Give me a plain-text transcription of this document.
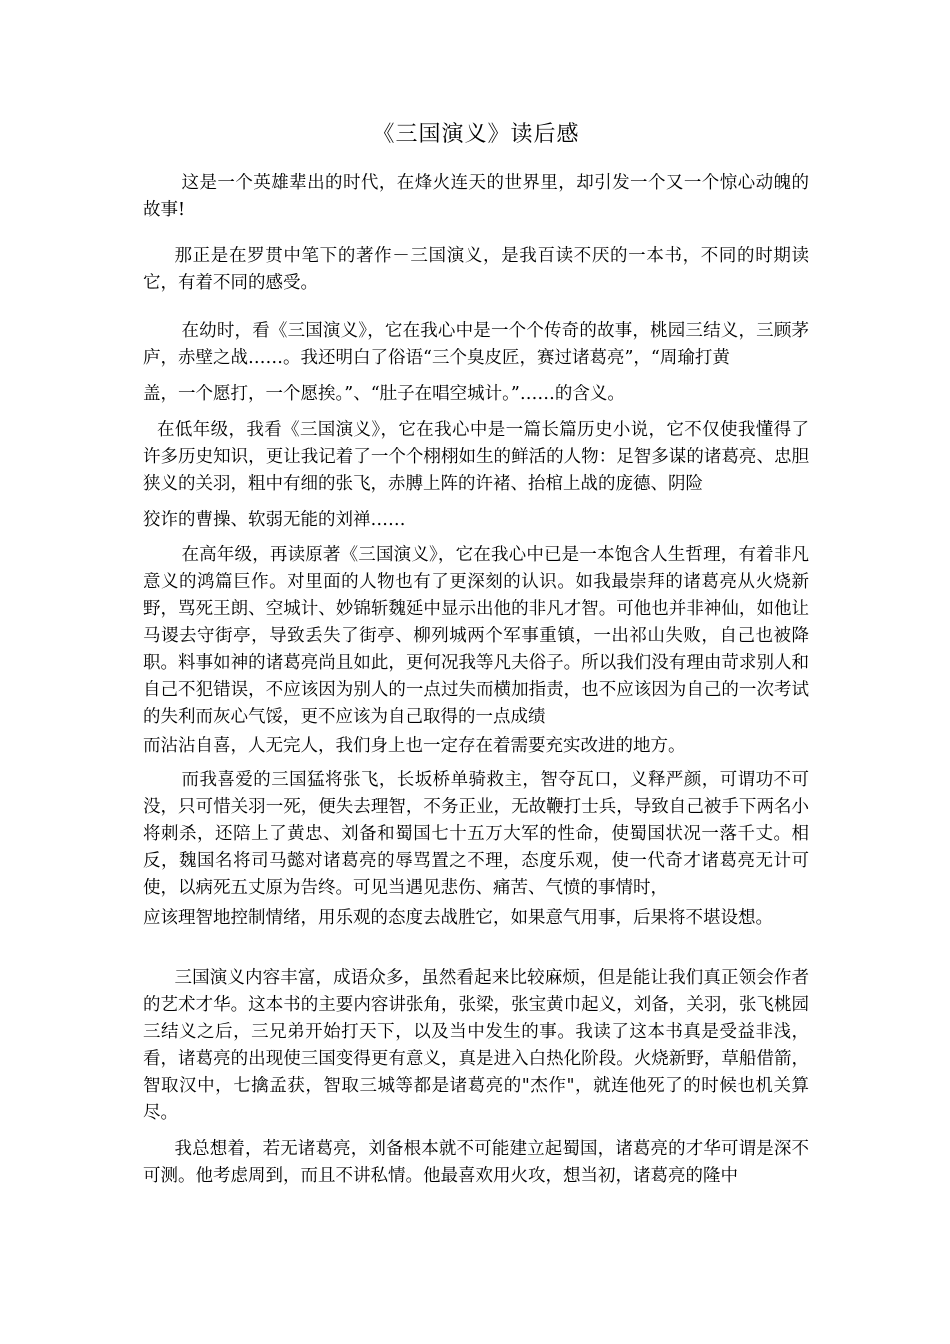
《三国演义》读后感

这是一个英雄辈出的时代，在烽火连天的世界里，却引发一个又一个惊心动魄的故事!

那正是在罗贯中笔下的著作－三国演义，是我百读不厌的一本书，不同的时期读它，有着不同的感受。

在幼时，看《三国演义》，它在我心中是一个个传奇的故事，桃园三结义，三顾茅庐，赤壁之战……。我还明白了俗语“三个臭皮匠，赛过诸葛亮”，“周瑜打黄

盖，一个愿打，一个愿挨。”、“肚子在唱空城计。”……的含义。

在低年级，我看《三国演义》，它在我心中是一篇长篇历史小说，它不仅使我懂得了许多历史知识，更让我记着了一个个栩栩如生的鲜活的人物：足智多谋的诸葛亮、忠胆狭义的关羽，粗中有细的张飞，赤膊上阵的许褚、抬棺上战的庞德、阴险

狡诈的曹操、软弱无能的刘禅……

在高年级，再读原著《三国演义》，它在我心中已是一本饱含人生哲理，有着非凡意义的鸿篇巨作。对里面的人物也有了更深刻的认识。如我最崇拜的诸葛亮从火烧新野，骂死王朗、空城计、妙锦斩魏延中显示出他的非凡才智。可他也并非神仙，如他让马谡去守街亭，导致丢失了街亭、柳列城两个军事重镇，一出祁山失败，自己也被降职。料事如神的诸葛亮尚且如此，更何况我等凡夫俗子。所以我们没有理由苛求别人和自己不犯错误，不应该因为别人的一点过失而横加指责，也不应该因为自己的一次考试的失利而灰心气馁，更不应该为自己取得的一点成绩

而沾沾自喜，人无完人，我们身上也一定存在着需要充实改进的地方。

而我喜爱的三国猛将张飞，长坂桥单骑救主，智夺瓦口，义释严颜，可谓功不可没，只可惜关羽一死，便失去理智，不务正业，无故鞭打士兵，导致自己被手下两名小将刺杀，还陪上了黄忠、刘备和蜀国七十五万大军的性命，使蜀国状况一落千丈。相反，魏国名将司马懿对诸葛亮的辱骂置之不理，态度乐观，使一代奇才诸葛亮无计可使，以病死五丈原为告终。可见当遇见悲伤、痛苦、气愤的事情时，

应该理智地控制情绪，用乐观的态度去战胜它，如果意气用事，后果将不堪设想。

三国演义内容丰富，成语众多，虽然看起来比较麻烦，但是能让我们真正领会作者的艺术才华。这本书的主要内容讲张角，张梁，张宝黄巾起义，刘备，关羽，张飞桃园三结义之后，三兄弟开始打天下，以及当中发生的事。我读了这本书真是受益非浅，看，诸葛亮的出现使三国变得更有意义，真是进入白热化阶段。火烧新野，草船借箭，智取汉中，七擒孟获，智取三城等都是诸葛亮的"杰作"，就连他死了的时候也机关算尽。

我总想着，若无诸葛亮，刘备根本就不可能建立起蜀国，诸葛亮的才华可谓是深不可测。他考虑周到，而且不讲私情。他最喜欢用火攻，想当初，诸葛亮的隆中
